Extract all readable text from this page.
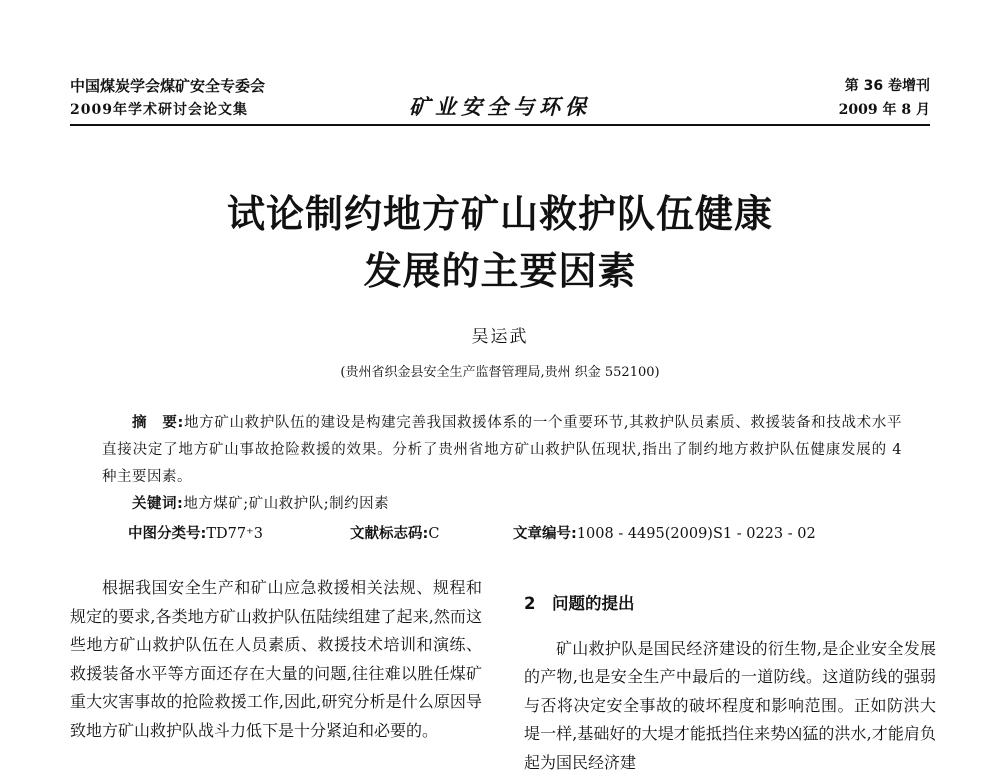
中国煤炭学会煤矿安全专委会
2009年学术研讨会论文集	矿业安全与环保
第 36 卷增刊
2009 年 8 月
试论制约地方矿山救护队伍健康
发展的主要因素
吴运武
(贵州省织金县安全生产监督管理局,贵州 织金 552100)

摘　要:地方矿山救护队伍的建设是构建完善我国救援体系的一个重要环节,其救护队员素质、救援装备和技战术水平直接决定了地方矿山事故抢险救援的效果。分析了贵州省地方矿山救护队伍现状,指出了制约地方救护队伍健康发展的 4 种主要因素。

关键词:地方煤矿;矿山救护队;制约因素

中图分类号:TD77⁺3	文献标志码:C	文章编号:1008 - 4495(2009)S1 - 0223 - 02

根据我国安全生产和矿山应急救援相关法规、规程和规定的要求,各类地方矿山救护队伍陆续组建了起来,然而这些地方矿山救护队伍在人员素质、救援技术培训和演练、救援装备水平等方面还存在大量的问题,往往难以胜任煤矿重大灾害事故的抢险救援工作,因此,研究分析是什么原因导致地方矿山救护队战斗力低下是十分紧迫和必要的。

2　 问题的提出

矿山救护队是国民经济建设的衍生物,是企业安全发展的产物,也是安全生产中最后的一道防线。这道防线的强弱与否将决定安全事故的破坏程度和影响范围。正如防洪大堤一样,基础好的大堤才能抵挡住来势凶猛的洪水,才能肩负起为国民经济建
